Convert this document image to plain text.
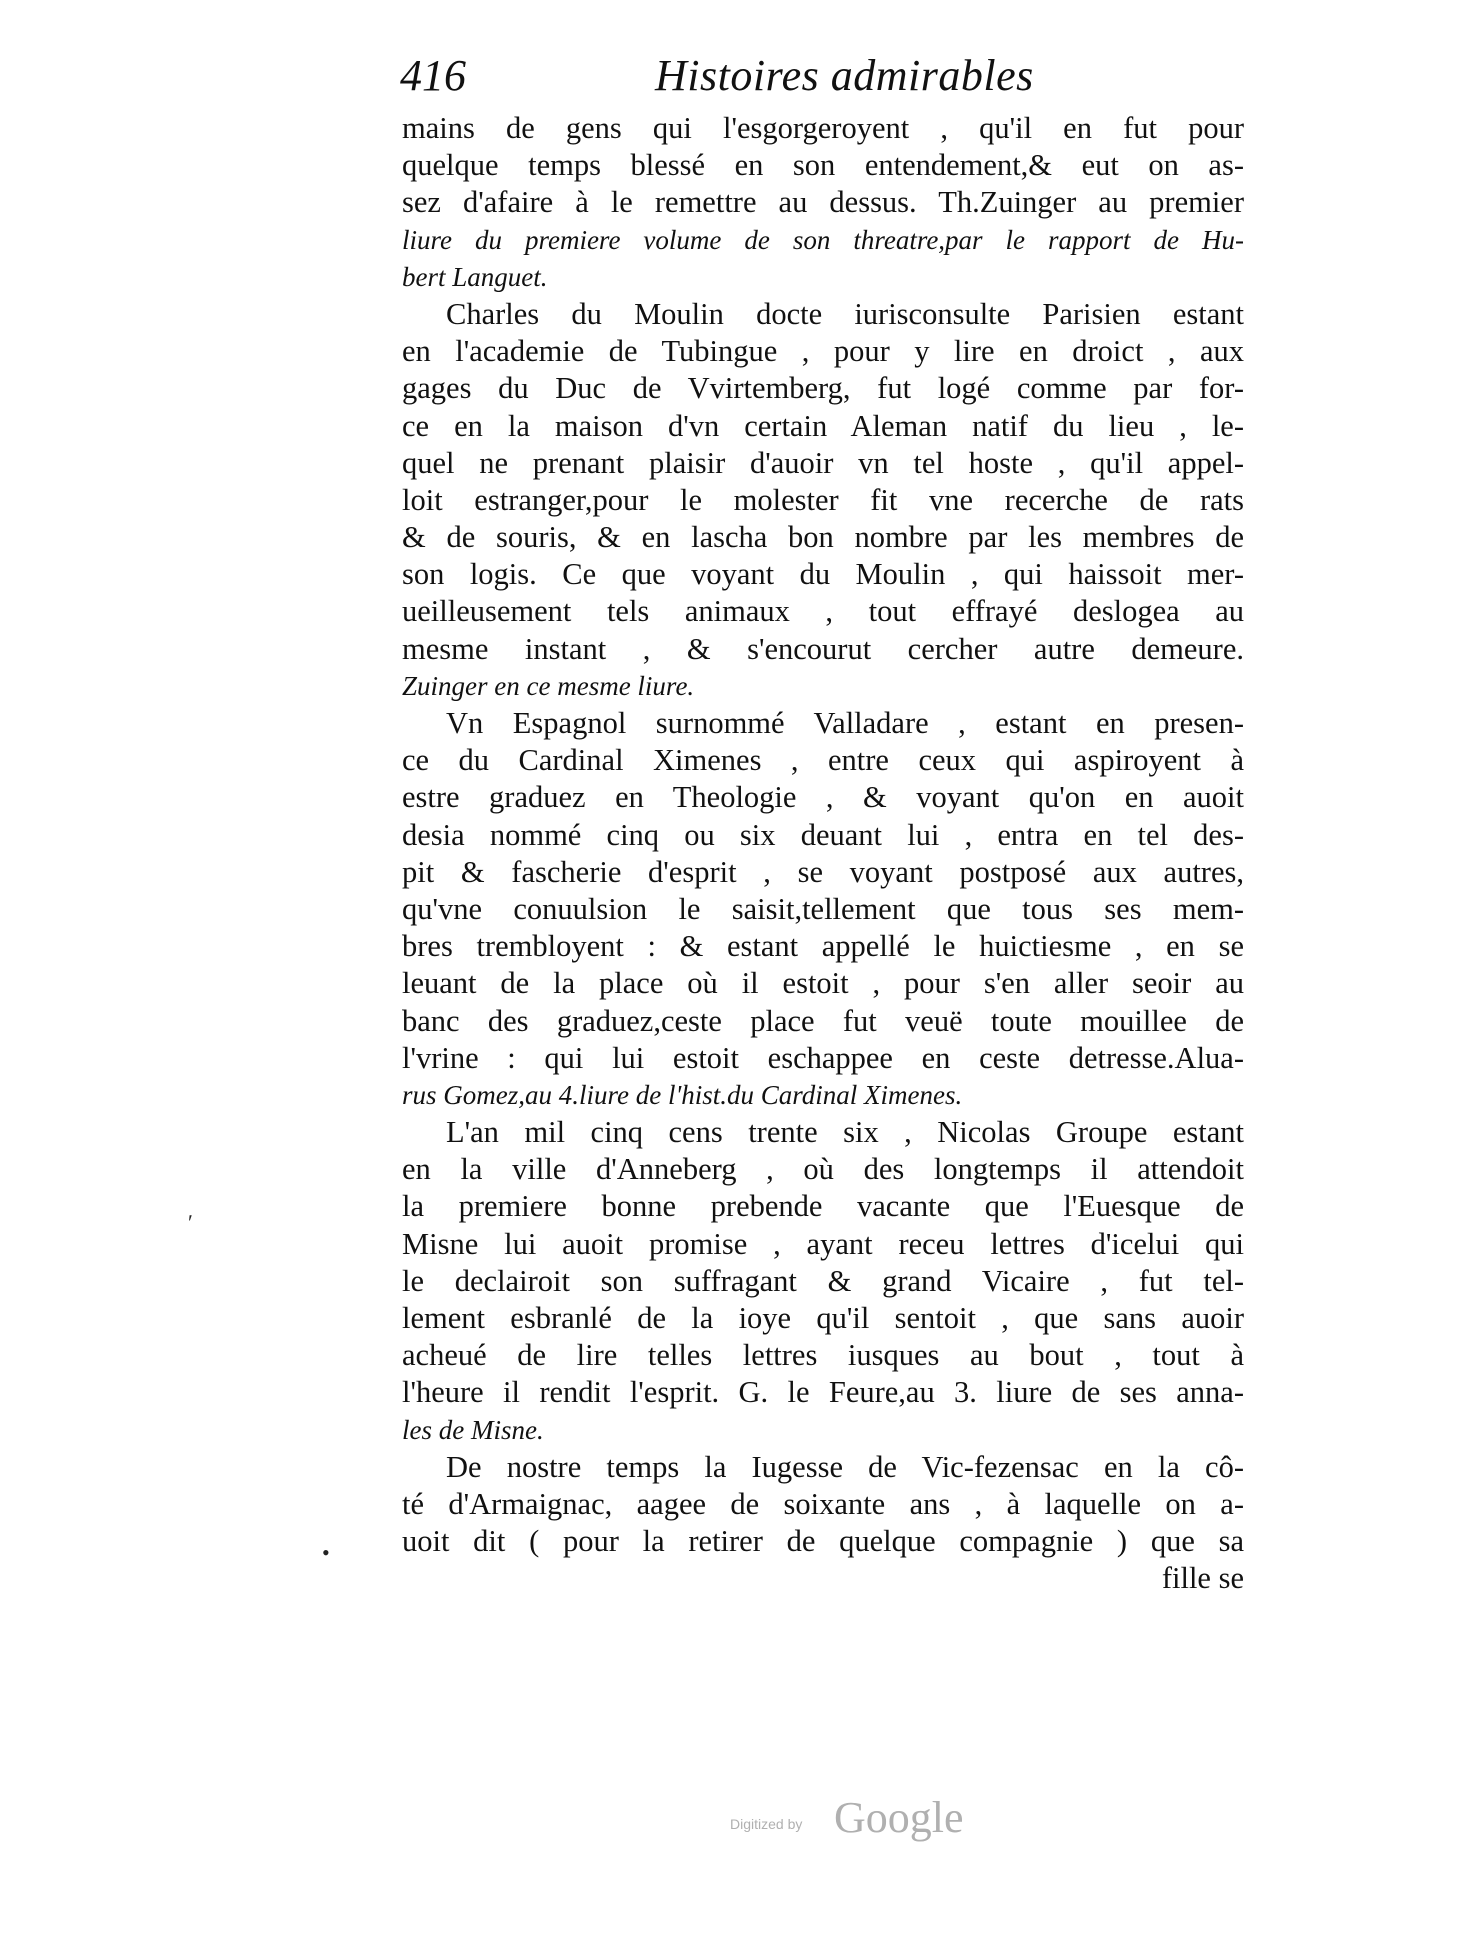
416	Histoires admirables
mains de gens qui l'esgorgeroyent , qu'il en fut pour
quelque temps blessé en son entendement,& eut on as-
sez d'afaire à le remettre au dessus. Th.Zuinger au premier
liure du premiere volume de son threatre,par le rapport de Hu-
bert Languet.
Charles du Moulin docte iurisconsulte Parisien estant
en l'academie de Tubingue , pour y lire en droict , aux
gages du Duc de Vvirtemberg, fut logé comme par for-
ce en la maison d'vn certain Aleman natif du lieu , le-
quel ne prenant plaisir d'auoir vn tel hoste , qu'il appel-
loit estranger,pour le molester fit vne recerche de rats
& de souris, & en lascha bon nombre par les membres de
son logis. Ce que voyant du Moulin , qui haissoit mer-
ueilleusement tels animaux , tout effrayé deslogea au
mesme instant , & s'encourut cercher autre demeure.
Zuinger en ce mesme liure.
Vn Espagnol surnommé Valladare , estant en presen-
ce du Cardinal Ximenes , entre ceux qui aspiroyent à
estre graduez en Theologie , & voyant qu'on en auoit
desia nommé cinq ou six deuant lui , entra en tel des-
pit & fascherie d'esprit , se voyant postposé aux autres,
qu'vne conuulsion le saisit,tellement que tous ses mem-
bres trembloyent : & estant appellé le huictiesme , en se
leuant de la place où il estoit , pour s'en aller seoir au
banc des graduez,ceste place fut veuë toute mouillee de
l'vrine : qui lui estoit eschappee en ceste detresse.Alua-
rus Gomez,au 4.liure de l'hist.du Cardinal Ximenes.
L'an mil cinq cens trente six , Nicolas Groupe estant
en la ville d'Anneberg , où des longtemps il attendoit
la premiere bonne prebende vacante que l'Euesque de
Misne lui auoit promise , ayant receu lettres d'icelui qui
le declairoit son suffragant & grand Vicaire , fut tel-
lement esbranlé de la ioye qu'il sentoit , que sans auoir
acheué de lire telles lettres iusques au bout , tout à
l'heure il rendit l'esprit. G. le Feure,au 3. liure de ses anna-
les de Misne.
De nostre temps la Iugesse de Vic-fezensac en la cô-
té d'Armaignac, aagee de soixante ans , à laquelle on a-
uoit dit ( pour la retirer de quelque compagnie ) que sa
fille se
ʹ
•
Digitized by Google
